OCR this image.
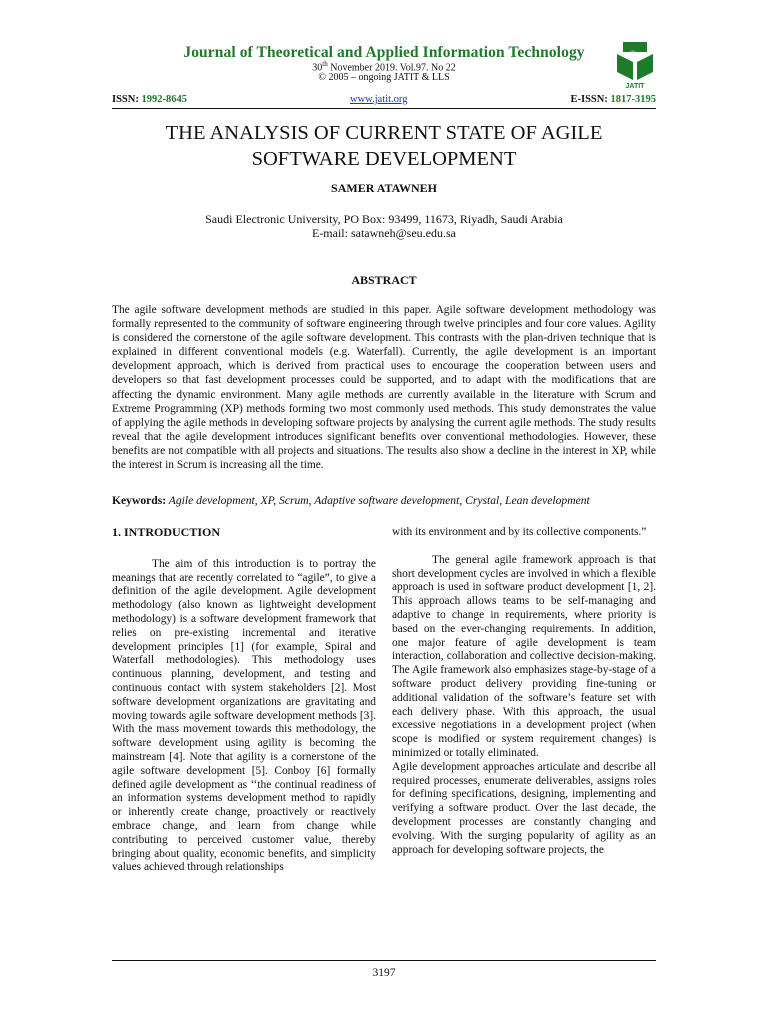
Journal of Theoretical and Applied Information Technology
30th November 2019. Vol.97. No 22
© 2005 – ongoing JATIT & LLS
JATIT
ISSN: 1992-8645	www.jatit.org	E-ISSN: 1817-3195
THE ANALYSIS OF CURRENT STATE OF AGILE
SOFTWARE DEVELOPMENT
SAMER ATAWNEH
Saudi Electronic University, PO Box: 93499, 11673, Riyadh, Saudi Arabia
E-mail: satawneh@seu.edu.sa
ABSTRACT
The agile software development methods are studied in this paper. Agile software development methodology was formally represented to the community of software engineering through twelve principles and four core values. Agility is considered the cornerstone of the agile software development. This contrasts with the plan-driven technique that is explained in different conventional models (e.g. Waterfall). Currently, the agile development is an important development approach, which is derived from practical uses to encourage the cooperation between users and developers so that fast development processes could be supported, and to adapt with the modifications that are affecting the dynamic environment. Many agile methods are currently available in the literature with Scrum and Extreme Programming (XP) methods forming two most commonly used methods. This study demonstrates the value of applying the agile methods in developing software projects by analysing the current agile methods. The study results reveal that the agile development introduces significant benefits over conventional methodologies. However, these benefits are not compatible with all projects and situations. The results also show a decline in the interest in XP, while the interest in Scrum is increasing all the time.
Keywords: Agile development, XP, Scrum, Adaptive software development, Crystal, Lean development
1. INTRODUCTION
The aim of this introduction is to portray the meanings that are recently correlated to “agile”, to give a definition of the agile development. Agile development methodology (also known as lightweight development methodology) is a software development framework that relies on pre-existing incremental and iterative development principles [1] (for example, Spiral and Waterfall methodologies). This methodology uses continuous planning, development, and testing and continuous contact with system stakeholders [2]. Most software development organizations are gravitating and moving towards agile software development methods [3]. With the mass movement towards this methodology, the software development using agility is becoming the mainstream [4]. Note that agility is a cornerstone of the agile software development [5]. Conboy [6] formally defined agile development as ‘‘the continual readiness of an information systems development method to rapidly or inherently create change, proactively or reactively embrace change, and learn from change while contributing to perceived customer value, thereby bringing about quality, economic benefits, and simplicity values achieved through relationships
with its environment and by its collective components.”
The general agile framework approach is that short development cycles are involved in which a flexible approach is used in software product development [1, 2]. This approach allows teams to be self-managing and adaptive to change in requirements, where priority is based on the ever-changing requirements. In addition, one major feature of agile development is team interaction, collaboration and collective decision-making. The Agile framework also emphasizes stage-by-stage of a software product delivery providing fine-tuning or additional validation of the software’s feature set with each delivery phase. With this approach, the usual excessive negotiations in a development project (when scope is modified or system requirement changes) is minimized or totally eliminated.
Agile development approaches articulate and describe all required processes, enumerate deliverables, assigns roles for defining specifications, designing, implementing and verifying a software product. Over the last decade, the development processes are constantly changing and evolving. With the surging popularity of agility as an approach for developing software projects, the
3197
